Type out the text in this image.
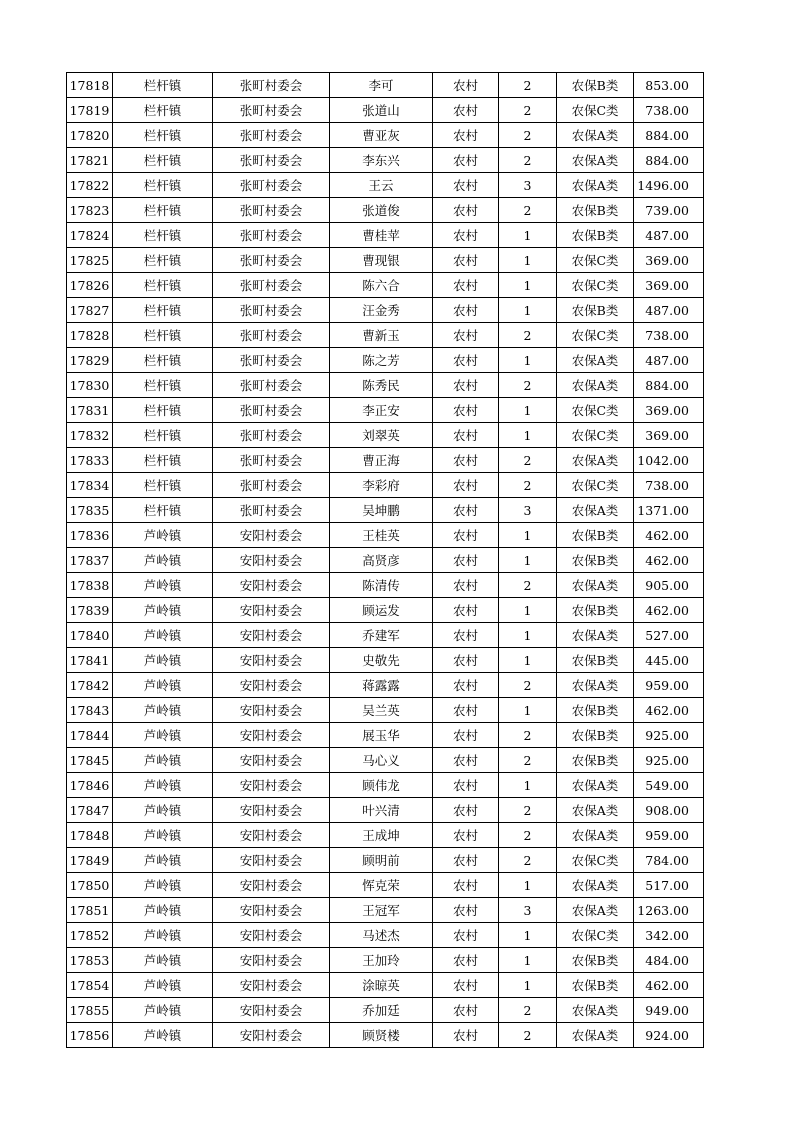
17818	栏杆镇	张町村委会	李可	农村	2	农保B类	853.00
17819	栏杆镇	张町村委会	张道山	农村	2	农保C类	738.00
17820	栏杆镇	张町村委会	曹亚灰	农村	2	农保A类	884.00
17821	栏杆镇	张町村委会	李东兴	农村	2	农保A类	884.00
17822	栏杆镇	张町村委会	王云	农村	3	农保A类	1496.00
17823	栏杆镇	张町村委会	张道俊	农村	2	农保B类	739.00
17824	栏杆镇	张町村委会	曹桂苹	农村	1	农保B类	487.00
17825	栏杆镇	张町村委会	曹现银	农村	1	农保C类	369.00
17826	栏杆镇	张町村委会	陈六合	农村	1	农保C类	369.00
17827	栏杆镇	张町村委会	汪金秀	农村	1	农保B类	487.00
17828	栏杆镇	张町村委会	曹新玉	农村	2	农保C类	738.00
17829	栏杆镇	张町村委会	陈之芳	农村	1	农保A类	487.00
17830	栏杆镇	张町村委会	陈秀民	农村	2	农保A类	884.00
17831	栏杆镇	张町村委会	李正安	农村	1	农保C类	369.00
17832	栏杆镇	张町村委会	刘翠英	农村	1	农保C类	369.00
17833	栏杆镇	张町村委会	曹正海	农村	2	农保A类	1042.00
17834	栏杆镇	张町村委会	李彩府	农村	2	农保C类	738.00
17835	栏杆镇	张町村委会	吴坤鹏	农村	3	农保A类	1371.00
17836	芦岭镇	安阳村委会	王桂英	农村	1	农保B类	462.00
17837	芦岭镇	安阳村委会	高贤彦	农村	1	农保B类	462.00
17838	芦岭镇	安阳村委会	陈清传	农村	2	农保A类	905.00
17839	芦岭镇	安阳村委会	顾运发	农村	1	农保B类	462.00
17840	芦岭镇	安阳村委会	乔建军	农村	1	农保A类	527.00
17841	芦岭镇	安阳村委会	史敬先	农村	1	农保B类	445.00
17842	芦岭镇	安阳村委会	蒋露露	农村	2	农保A类	959.00
17843	芦岭镇	安阳村委会	吴兰英	农村	1	农保B类	462.00
17844	芦岭镇	安阳村委会	展玉华	农村	2	农保B类	925.00
17845	芦岭镇	安阳村委会	马心义	农村	2	农保B类	925.00
17846	芦岭镇	安阳村委会	顾伟龙	农村	1	农保A类	549.00
17847	芦岭镇	安阳村委会	叶兴清	农村	2	农保A类	908.00
17848	芦岭镇	安阳村委会	王成坤	农村	2	农保A类	959.00
17849	芦岭镇	安阳村委会	顾明前	农村	2	农保C类	784.00
17850	芦岭镇	安阳村委会	恽克荣	农村	1	农保A类	517.00
17851	芦岭镇	安阳村委会	王冠军	农村	3	农保A类	1263.00
17852	芦岭镇	安阳村委会	马述杰	农村	1	农保C类	342.00
17853	芦岭镇	安阳村委会	王加玲	农村	1	农保B类	484.00
17854	芦岭镇	安阳村委会	涂晾英	农村	1	农保B类	462.00
17855	芦岭镇	安阳村委会	乔加廷	农村	2	农保A类	949.00
17856	芦岭镇	安阳村委会	顾贤楼	农村	2	农保A类	924.00
